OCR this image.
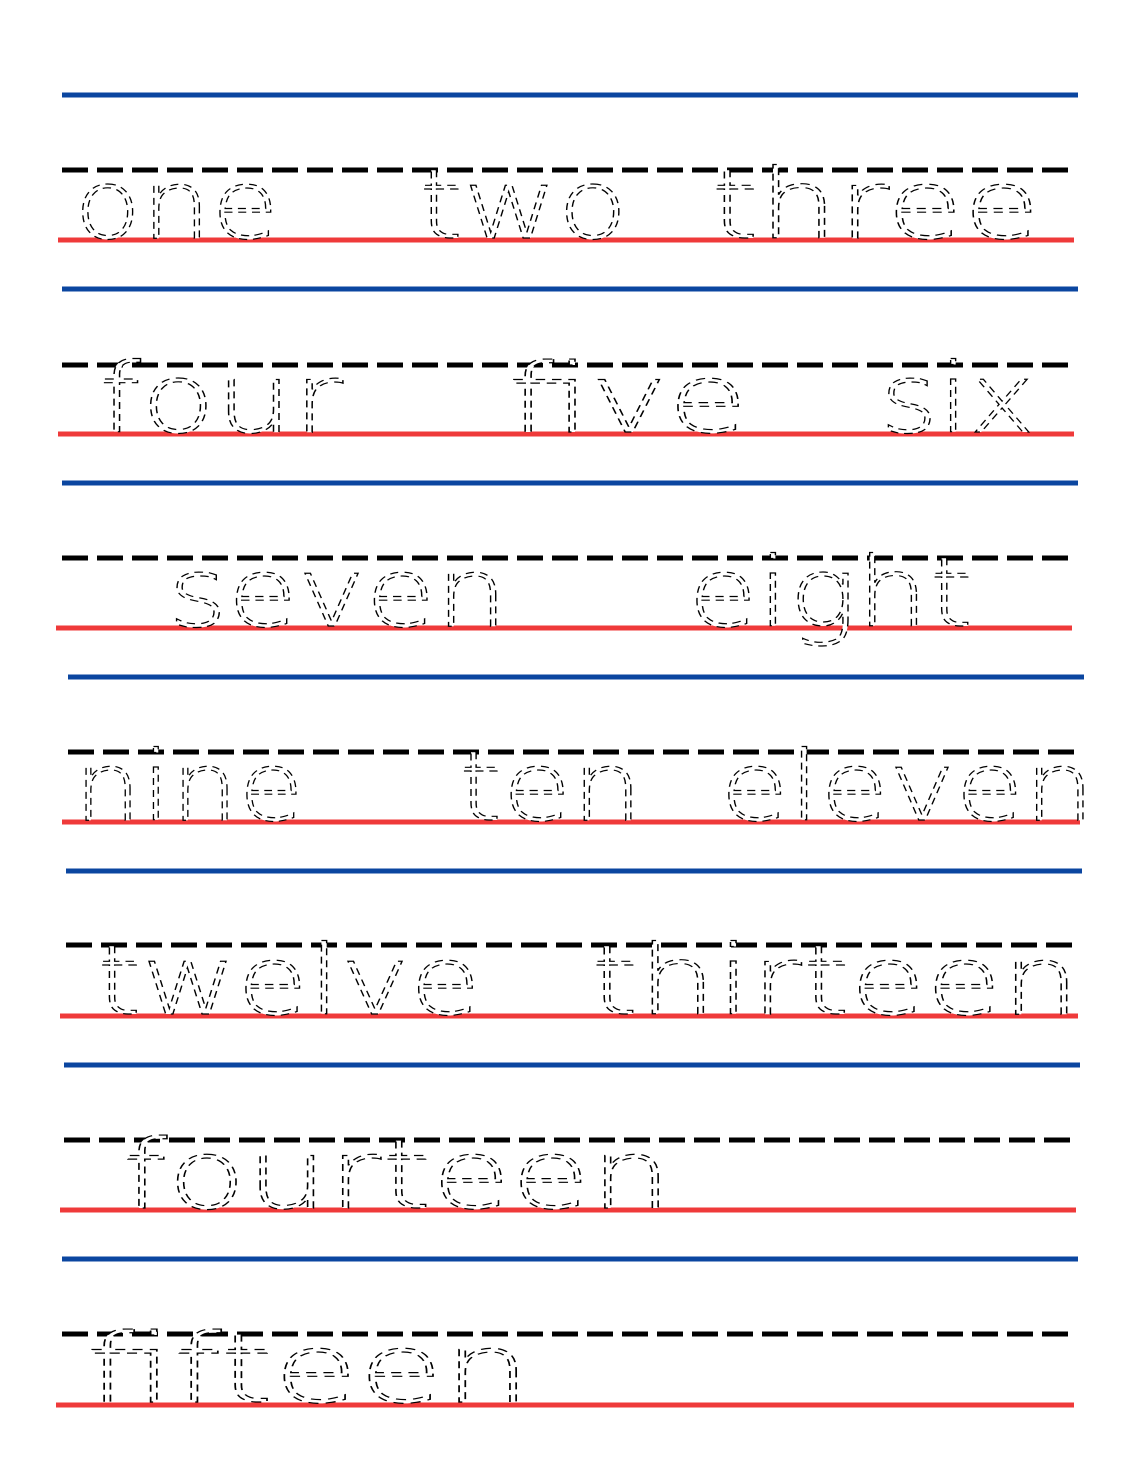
one two three
four five six
seven eight
nine ten eleven
twelve thirteen
fourteen
fifteen
